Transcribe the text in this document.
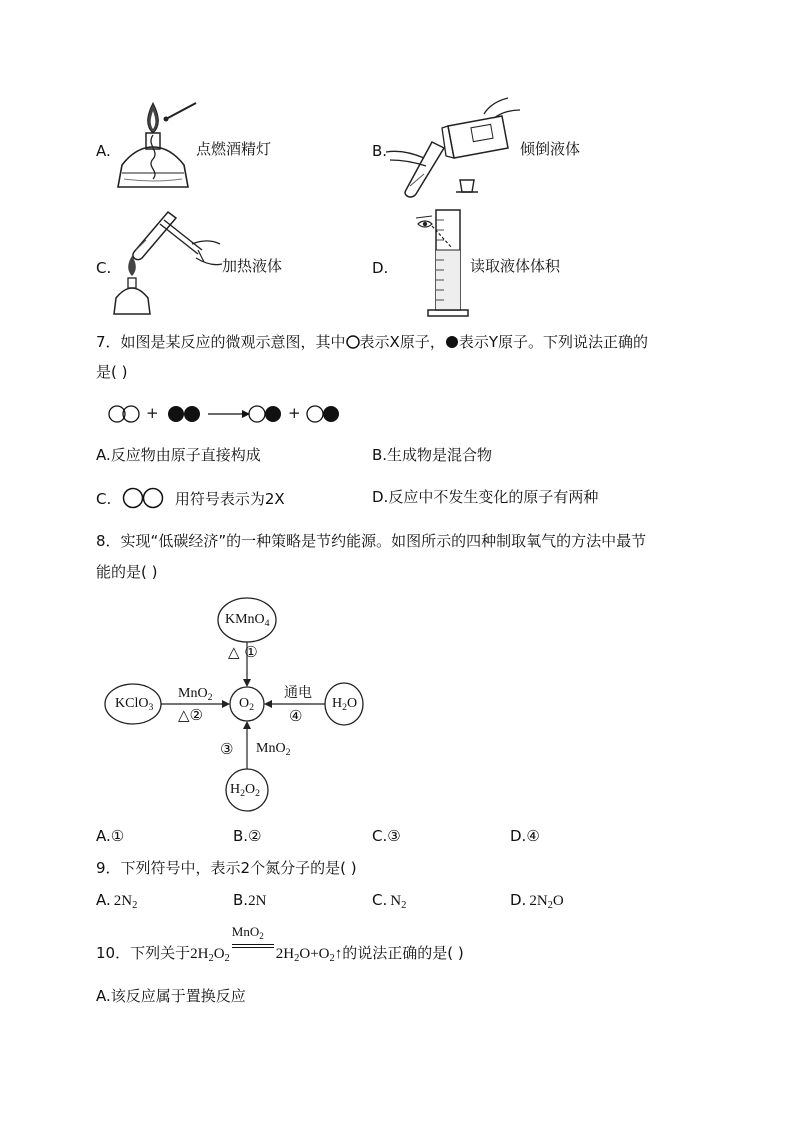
A.	点燃酒精灯	B.	倾倒液体
C.	加热液体	D.	读取液体体积
7．如图是某反应的微观示意图，其中 表示X原子， 表示Y原子。下列说法正确的
是( )
+	+
A.反应物由原子直接构成	B.生成物是混合物
C.	用符号表示为2X	D.反应中不发生变化的原子有两种
8．实现“低碳经济”的一种策略是节约能源。如图所示的四种制取氧气的方法中最节
能的是( )
KMnO$_4$
KClO$_3$	$O_2$	$H_2O$
$H_2O_2$
△ ①
MnO$_2$
△②
通电
④
③ MnO$_2$
A.①	B.②	C.③	D.④
9．下列符号中，表示2个氮分子的是( )
A. $2N_2$	B.2N	C. $N_2$	D. $2N_2O$
10．下列关于$2H_2O_2$
MnO$_2$
$2H_2O+O_2↑$的说法正确的是( )
A.该反应属于置换反应
